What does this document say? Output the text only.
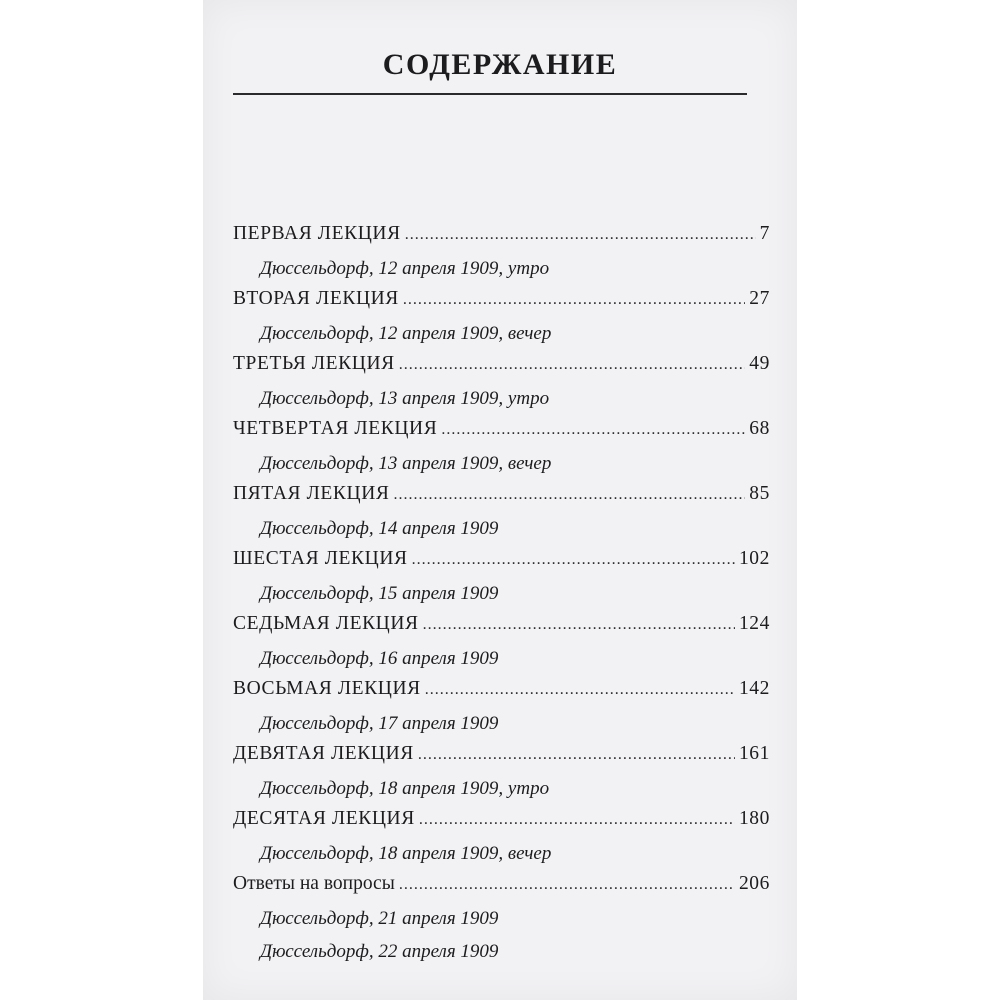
СОДЕРЖАНИЕ
ПЕРВАЯ ЛЕКЦИЯ .....	7
Дюссельдорф, 12 апреля 1909, утро
ВТОРАЯ ЛЕКЦИЯ .....	27
Дюссельдорф, 12 апреля 1909, вечер
ТРЕТЬЯ ЛЕКЦИЯ .....	49
Дюссельдорф, 13 апреля 1909, утро
ЧЕТВЕРТАЯ ЛЕКЦИЯ .....	68
Дюссельдорф, 13 апреля 1909, вечер
ПЯТАЯ ЛЕКЦИЯ .....	85
Дюссельдорф, 14 апреля 1909
ШЕСТАЯ ЛЕКЦИЯ .....	102
Дюссельдорф, 15 апреля 1909
СЕДЬМАЯ ЛЕКЦИЯ .....	124
Дюссельдорф, 16 апреля 1909
ВОСЬМАЯ ЛЕКЦИЯ .....	142
Дюссельдорф, 17 апреля 1909
ДЕВЯТАЯ ЛЕКЦИЯ .....	161
Дюссельдорф, 18 апреля 1909, утро
ДЕСЯТАЯ ЛЕКЦИЯ .....	180
Дюссельдорф, 18 апреля 1909, вечер
Ответы на вопросы .....	206
Дюссельдорф, 21 апреля 1909
Дюссельдорф, 22 апреля 1909
